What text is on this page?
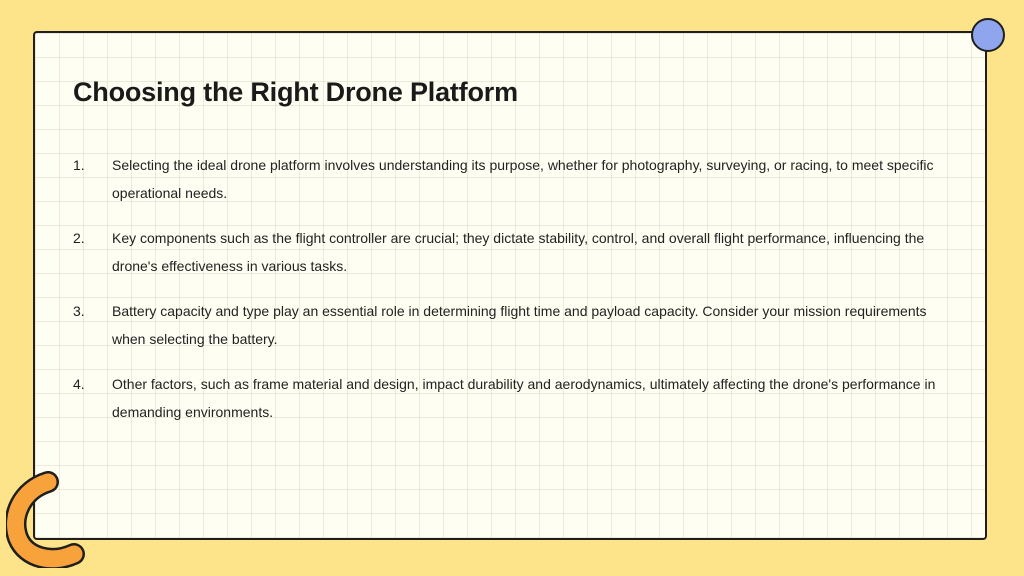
Choosing the Right Drone Platform
1.	Selecting the ideal drone platform involves understanding its purpose, whether for photography, surveying, or racing, to meet specific operational needs.
2.	Key components such as the flight controller are crucial; they dictate stability, control, and overall flight performance, influencing the drone's effectiveness in various tasks.
3.	Battery capacity and type play an essential role in determining flight time and payload capacity. Consider your mission requirements when selecting the battery.
4.	Other factors, such as frame material and design, impact durability and aerodynamics, ultimately affecting the drone's performance in demanding environments.
